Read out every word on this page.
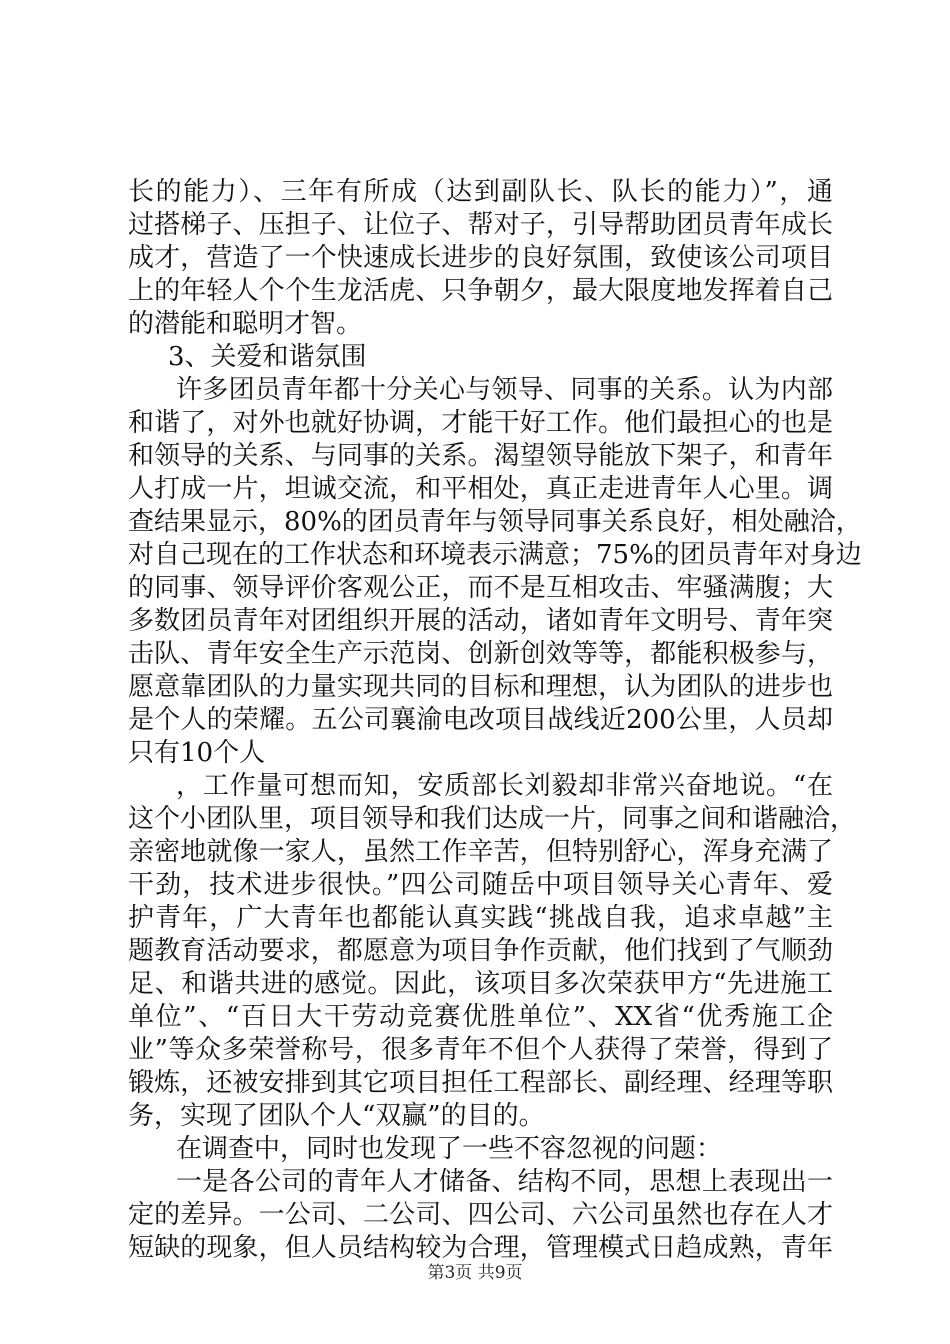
长的能力）、三年有所成（达到副队长、队长的能力）”，通
过搭梯子、压担子、让位子、帮对子，引导帮助团员青年成长
成才，营造了一个快速成长进步的良好氛围，致使该公司项目
上的年轻人个个生龙活虎、只争朝夕，最大限度地发挥着自己
的潜能和聪明才智。
3、关爱和谐氛围
许多团员青年都十分关心与领导、同事的关系。认为内部
和谐了，对外也就好协调，才能干好工作。他们最担心的也是
和领导的关系、与同事的关系。渴望领导能放下架子，和青年
人打成一片，坦诚交流，和平相处，真正走进青年人心里。调
查结果显示，80%的团员青年与领导同事关系良好，相处融洽，
对自己现在的工作状态和环境表示满意；75%的团员青年对身边
的同事、领导评价客观公正，而不是互相攻击、牢骚满腹；大
多数团员青年对团组织开展的活动，诸如青年文明号、青年突
击队、青年安全生产示范岗、创新创效等等，都能积极参与，
愿意靠团队的力量实现共同的目标和理想，认为团队的进步也
是个人的荣耀。五公司襄渝电改项目战线近200公里，人员却
只有10个人
，工作量可想而知，安质部长刘毅却非常兴奋地说。“在
这个小团队里，项目领导和我们达成一片，同事之间和谐融洽，
亲密地就像一家人，虽然工作辛苦，但特别舒心，浑身充满了
干劲，技术进步很快。”四公司随岳中项目领导关心青年、爱
护青年，广大青年也都能认真实践“挑战自我，追求卓越”主
题教育活动要求，都愿意为项目争作贡献，他们找到了气顺劲
足、和谐共进的感觉。因此，该项目多次荣获甲方“先进施工
单位”、“百日大干劳动竞赛优胜单位”、XX省“优秀施工企
业”等众多荣誉称号，很多青年不但个人获得了荣誉，得到了
锻炼，还被安排到其它项目担任工程部长、副经理、经理等职
务，实现了团队个人“双赢”的目的。
在调查中，同时也发现了一些不容忽视的问题：
一是各公司的青年人才储备、结构不同，思想上表现出一
定的差异。一公司、二公司、四公司、六公司虽然也存在人才
短缺的现象，但人员结构较为合理，管理模式日趋成熟，青年
第3页 共9页
